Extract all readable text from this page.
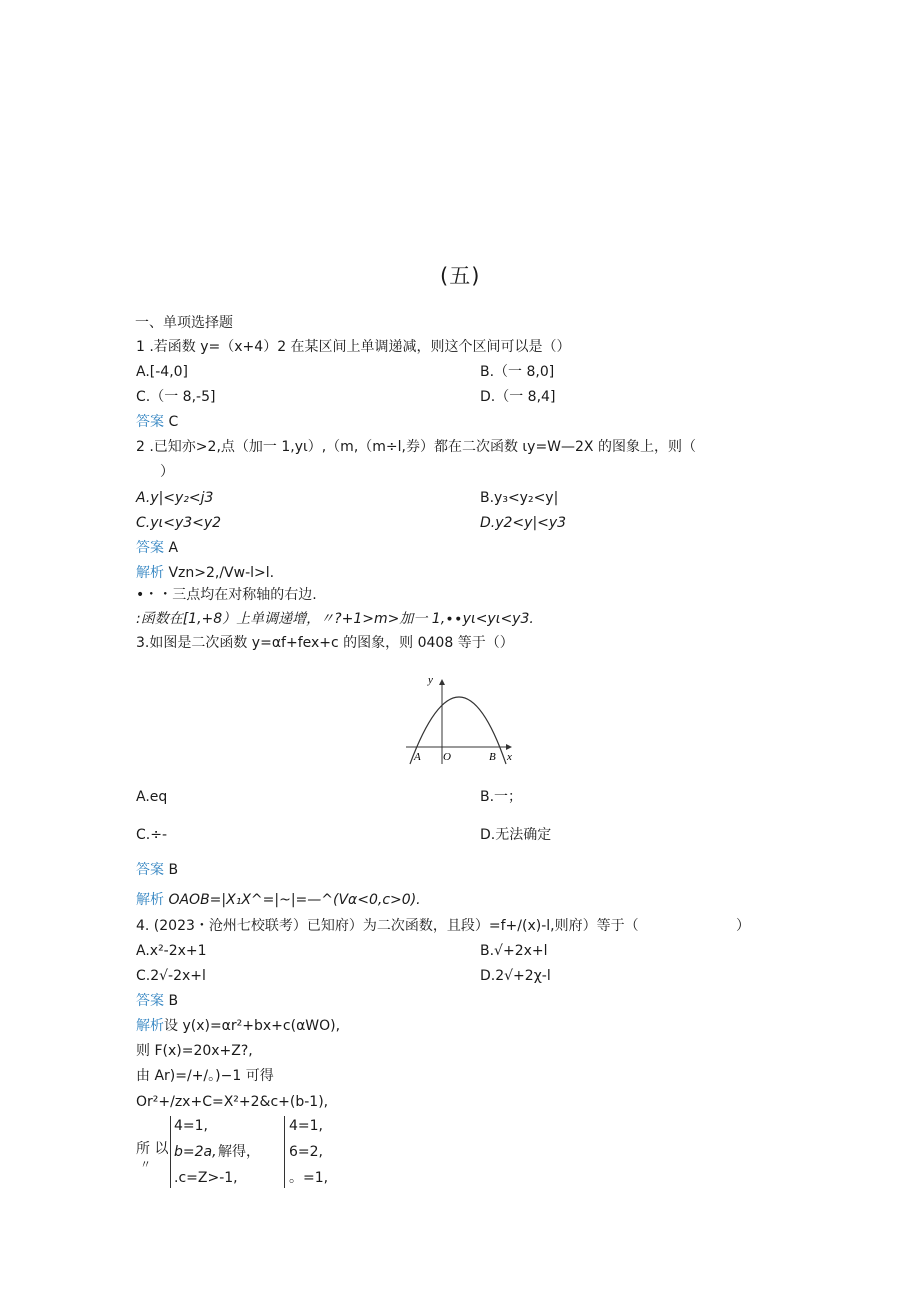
(五)
一、单项选择题
1 .若函数 y=（x+4）2 在某区间上单调递减，则这个区间可以是（）
A.[-4,0]	B.（一 8,0]
C.（一 8,-5]	D.（一 8,4]
答案 C
2 .已知亦>2,点（加一 1,yι）,（m,（m÷l,券）都在二次函数 ιy=W—2X 的图象上，则（
）
A.y|<y₂<j3	B.y₃<y₂<y|
C.yι<y3<y2	D.y2<y|<y3
答案 A
解析 Vzn>2,/Vw-l>l.
•・・三点均在对称轴的右边.
:函数在[1,+8）上单调递增，〃?+1>m>加一 1,∙∙yι<yι<y3.
3.如图是二次函数 y=αf+fex+c 的图象，则 0408 等于（）
y
x
A O	B
A.eq	B.一；
C.÷-	D.无法确定
答案 B
解析 OAOB=|X₁X^=|~|=—^(Vα<0,c>0).
4. (2023・沧州七校联考）已知府）为二次函数，且段）=f+/(x)-l,则府）等于（	）
A.x²-2x+1	B.√+2x+l
C.2√-2x+l	D.2√+2χ-l
答案 B
解析设 y(x)=αr²+bx+c(αWO),
则 F(x)=20x+Z?,
由 Ar)=/+/。)−1 可得
Or²+/zx+C=X²+2&c+(b-1),
所 以
〃
4=1,
b=2a,
.c=Z>-1,
解得，
4=1,
6=2,
。=1,
